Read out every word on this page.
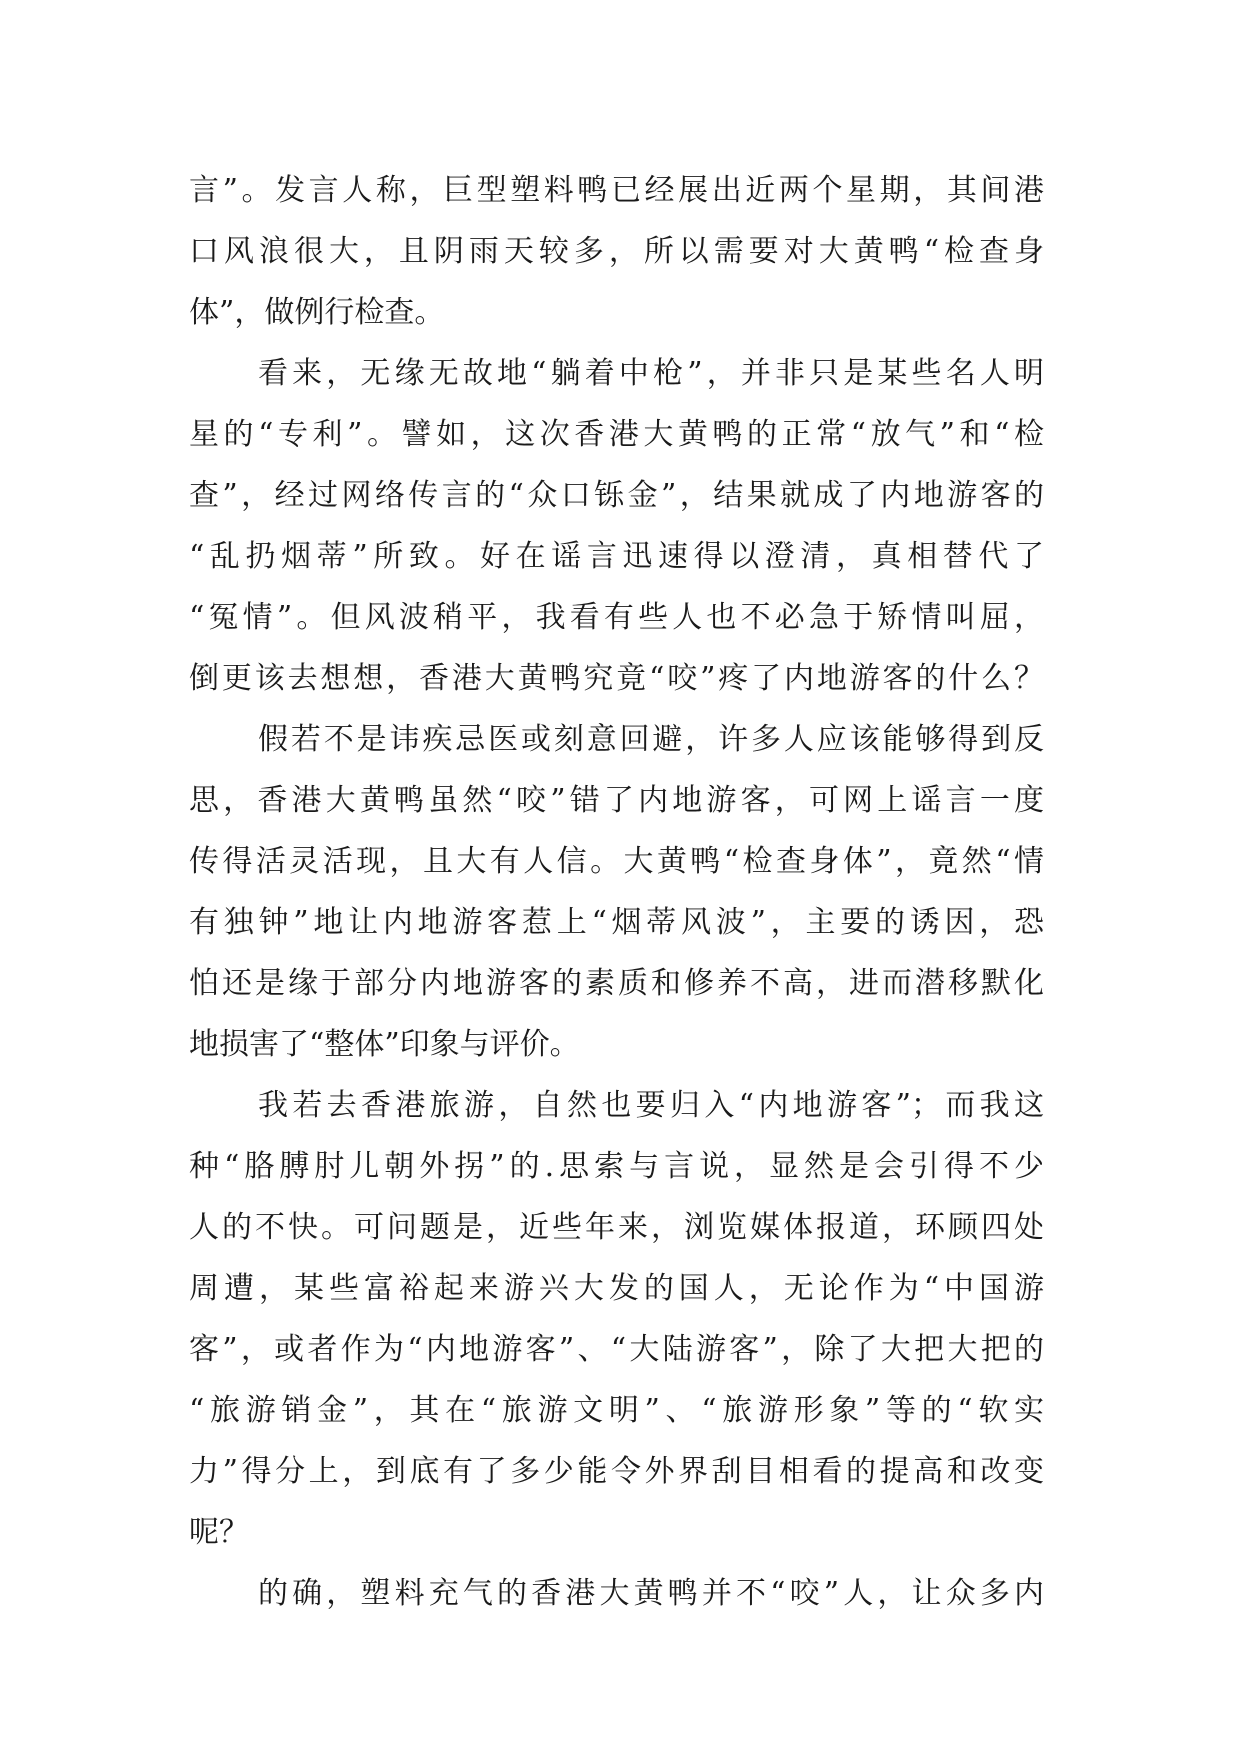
言”。发言人称，巨型塑料鸭已经展出近两个星期，其间港
口风浪很大，且阴雨天较多，所以需要对大黄鸭“检查身
体”，做例行检查。
看来，无缘无故地“躺着中枪”，并非只是某些名人明
星的“专利”。譬如，这次香港大黄鸭的正常“放气”和“检
查”，经过网络传言的“众口铄金”，结果就成了内地游客的
“乱扔烟蒂”所致。好在谣言迅速得以澄清，真相替代了
“冤情”。但风波稍平，我看有些人也不必急于矫情叫屈，
倒更该去想想，香港大黄鸭究竟“咬”疼了内地游客的什么？
假若不是讳疾忌医或刻意回避，许多人应该能够得到反
思，香港大黄鸭虽然“咬”错了内地游客，可网上谣言一度
传得活灵活现，且大有人信。大黄鸭“检查身体”，竟然“情
有独钟”地让内地游客惹上“烟蒂风波”，主要的诱因，恐
怕还是缘于部分内地游客的素质和修养不高，进而潜移默化
地损害了“整体”印象与评价。
我若去香港旅游，自然也要归入“内地游客”；而我这
种“胳膊肘儿朝外拐”的.思索与言说，显然是会引得不少
人的不快。可问题是，近些年来，浏览媒体报道，环顾四处
周遭，某些富裕起来游兴大发的国人，无论作为“中国游
客”，或者作为“内地游客”、“大陆游客”，除了大把大把的
“旅游销金”，其在“旅游文明”、“旅游形象”等的“软实
力”得分上，到底有了多少能令外界刮目相看的提高和改变
呢？
的确，塑料充气的香港大黄鸭并不“咬”人，让众多内
